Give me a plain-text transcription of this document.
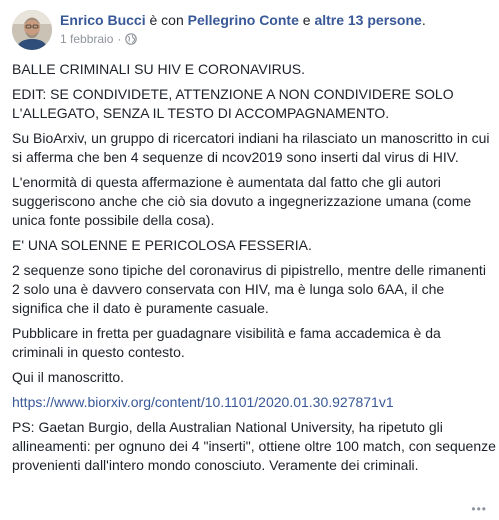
Enrico Bucci è con Pellegrino Conte e altre 13 persone.
1 febbraio ·

BALLE CRIMINALI SU HIV E CORONAVIRUS.

EDIT: SE CONDIVIDETE, ATTENZIONE A NON CONDIVIDERE SOLO L'ALLEGATO, SENZA IL TESTO DI ACCOMPAGNAMENTO.

Su BioArxiv, un gruppo di ricercatori indiani ha rilasciato un manoscritto in cui si afferma che ben 4 sequenze di ncov2019 sono inserti dal virus di HIV.

L'enormità di questa affermazione è aumentata dal fatto che gli autori suggeriscono anche che ciò sia dovuto a ingegnerizzazione umana (come unica fonte possibile della cosa).

E' UNA SOLENNE E PERICOLOSA FESSERIA.

2 sequenze sono tipiche del coronavirus di pipistrello, mentre delle rimanenti 2 solo una è davvero conservata con HIV, ma è lunga solo 6AA, il che significa che il dato è puramente casuale.

Pubblicare in fretta per guadagnare visibilità e fama accademica è da criminali in questo contesto.

Qui il manoscritto.

https://www.biorxiv.org/content/10.1101/2020.01.30.927871v1

PS: Gaetan Burgio, della Australian National University, ha ripetuto gli allineamenti: per ognuno dei 4 "inserti", ottiene oltre 100 match, con sequenze provenienti dall'intero mondo conosciuto. Veramente dei criminali.

•••
